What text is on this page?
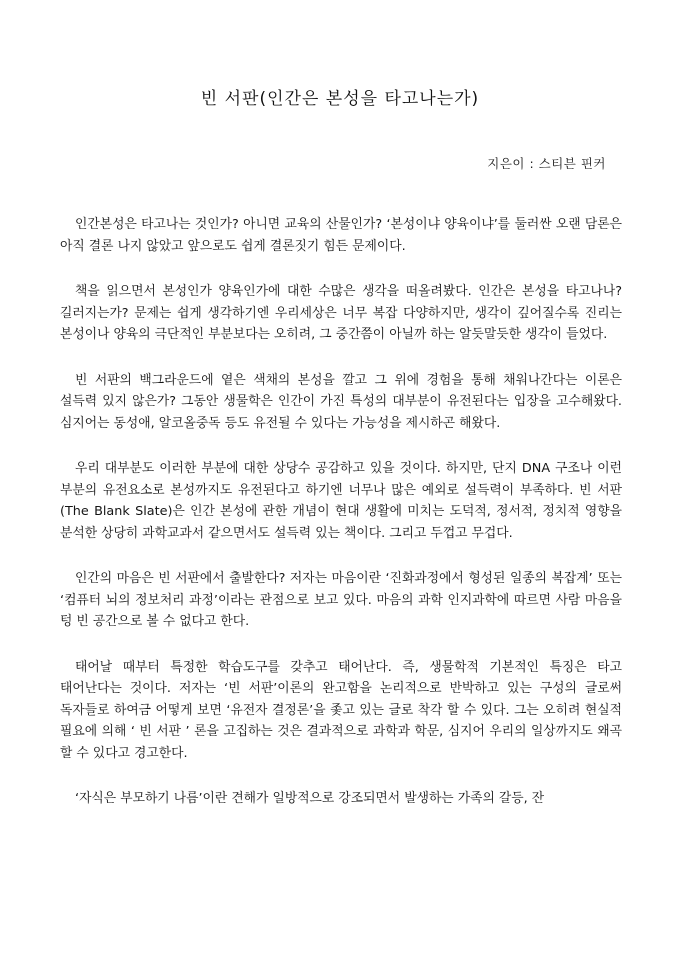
빈 서판(인간은 본성을 타고나는가)
지은이 : 스티븐 핀커

인간본성은 타고나는 것인가? 아니면 교육의 산물인가? ‘본성이냐 양육이냐’를 둘러싼 오랜 담론은 아직 결론 나지 않았고 앞으로도 쉽게 결론짓기 힘든 문제이다.

책을 읽으면서 본성인가 양육인가에 대한 수많은 생각을 떠올려봤다. 인간은 본성을 타고나나? 길러지는가? 문제는 쉽게 생각하기엔 우리세상은 너무 복잡 다양하지만, 생각이 깊어질수록 진리는 본성이나 양육의 극단적인 부분보다는 오히려, 그 중간쯤이 아닐까 하는 알듯말듯한 생각이 들었다.

빈 서판의 백그라운드에 옅은 색채의 본성을 깔고 그 위에 경험을 통해 채워나간다는 이론은 설득력 있지 않은가? 그동안 생물학은 인간이 가진 특성의 대부분이 유전된다는 입장을 고수해왔다. 심지어는 동성애, 알코올중독 등도 유전될 수 있다는 가능성을 제시하곤 해왔다.

우리 대부분도 이러한 부분에 대한 상당수 공감하고 있을 것이다. 하지만, 단지 DNA 구조나 이런 부분의 유전요소로 본성까지도 유전된다고 하기엔 너무나 많은 예외로 설득력이 부족하다. 빈 서판(The Blank Slate)은 인간 본성에 관한 개념이 현대 생활에 미치는 도덕적, 정서적, 정치적 영향을 분석한 상당히 과학교과서 같으면서도 설득력 있는 책이다. 그리고 두껍고 무겁다.

인간의 마음은 빈 서판에서 출발한다? 저자는 마음이란 ‘진화과정에서 형성된 일종의 복잡계’ 또는 ‘컴퓨터 뇌의 정보처리 과정’이라는 관점으로 보고 있다. 마음의 과학 인지과학에 따르면 사람 마음을 텅 빈 공간으로 볼 수 없다고 한다.

태어날 때부터 특정한 학습도구를 갖추고 태어난다. 즉, 생물학적 기본적인 특징은 타고 태어난다는 것이다. 저자는 ‘빈 서판’이론의 완고함을 논리적으로 반박하고 있는 구성의 글로써 독자들로 하여금 어떻게 보면 ‘유전자 결정론’을 좇고 있는 글로 착각 할 수 있다. 그는 오히려 현실적 필요에 의해 ‘ 빈 서판 ’ 론을 고집하는 것은 결과적으로 과학과 학문, 심지어 우리의 일상까지도 왜곡 할 수 있다고 경고한다.

‘자식은 부모하기 나름’이란 견해가 일방적으로 강조되면서 발생하는 가족의 갈등, 잔
